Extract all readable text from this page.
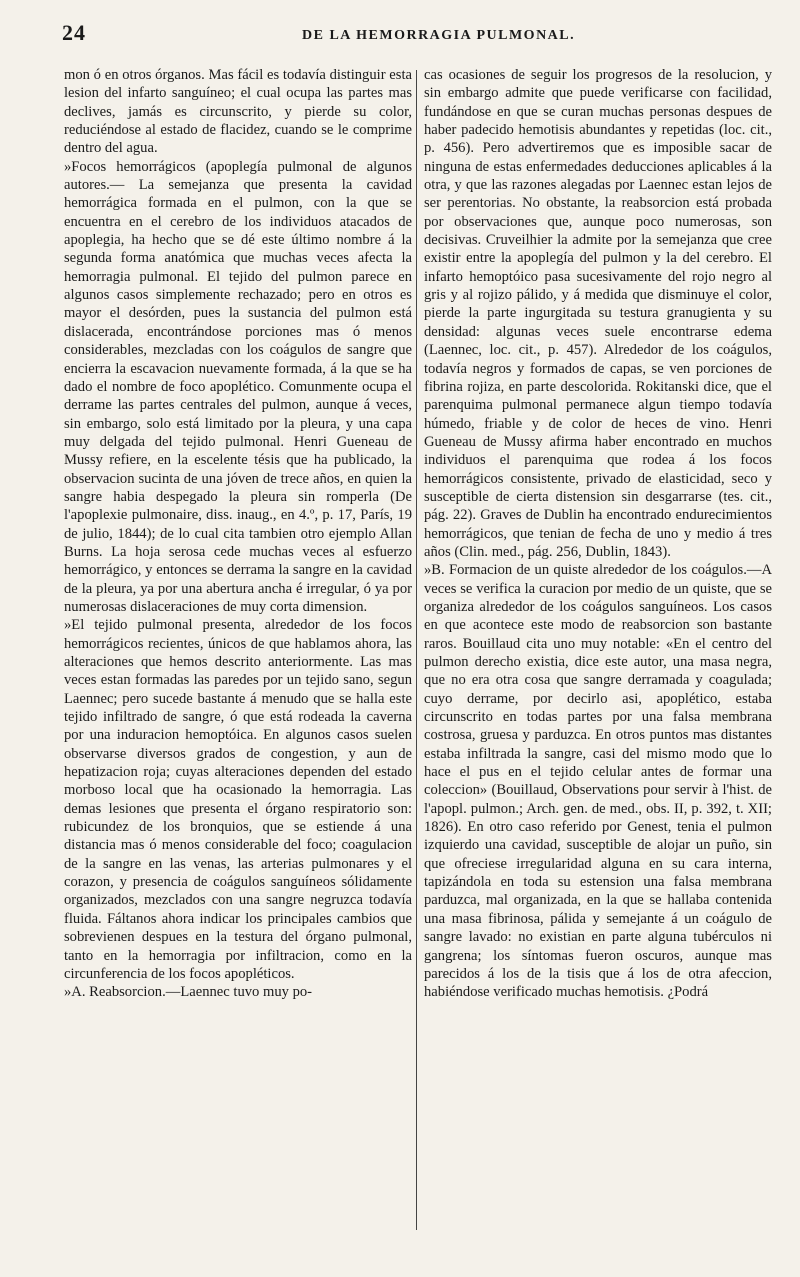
24	DE LA HEMORRAGIA PULMONAL.

mon ó en otros órganos. Mas fácil es todavía distinguir esta lesion del infarto sanguíneo; el cual ocupa las partes mas declives, jamás es circunscrito, y pierde su color, reduciéndose al estado de flacidez, cuando se le comprime dentro del agua.

»Focos hemorrágicos (apoplegía pulmonal de algunos autores.— La semejanza que presenta la cavidad hemorrágica formada en el pulmon, con la que se encuentra en el cerebro de los individuos atacados de apoplegia, ha hecho que se dé este último nombre á la segunda forma anatómica que muchas veces afecta la hemorragia pulmonal. El tejido del pulmon parece en algunos casos simplemente rechazado; pero en otros es mayor el desórden, pues la sustancia del pulmon está dislacerada, encontrándose porciones mas ó menos considerables, mezcladas con los coágulos de sangre que encierra la escavacion nuevamente formada, á la que se ha dado el nombre de foco apoplético. Comunmente ocupa el derrame las partes centrales del pulmon, aunque á veces, sin embargo, solo está limitado por la pleura, y una capa muy delgada del tejido pulmonal. Henri Gueneau de Mussy refiere, en la escelente tésis que ha publicado, la observacion sucinta de una jóven de trece años, en quien la sangre habia despegado la pleura sin romperla (De l'apoplexie pulmonaire, diss. inaug., en 4.º, p. 17, París, 19 de julio, 1844); de lo cual cita tambien otro ejemplo Allan Burns. La hoja serosa cede muchas veces al esfuerzo hemorrágico, y entonces se derrama la sangre en la cavidad de la pleura, ya por una abertura ancha é irregular, ó ya por numerosas dislaceraciones de muy corta dimension.

»El tejido pulmonal presenta, alrededor de los focos hemorrágicos recientes, únicos de que hablamos ahora, las alteraciones que hemos descrito anteriormente. Las mas veces estan formadas las paredes por un tejido sano, segun Laennec; pero sucede bastante á menudo que se halla este tejido infiltrado de sangre, ó que está rodeada la caverna por una induracion hemoptóica. En algunos casos suelen observarse diversos grados de congestion, y aun de hepatizacion roja; cuyas alteraciones dependen del estado morboso local que ha ocasionado la hemorragia. Las demas lesiones que presenta el órgano respiratorio son: rubicundez de los bronquios, que se estiende á una distancia mas ó menos considerable del foco; coagulacion de la sangre en las venas, las arterias pulmonares y el corazon, y presencia de coágulos sanguíneos sólidamente organizados, mezclados con una sangre negruzca todavía fluida. Fáltanos ahora indicar los principales cambios que sobrevienen despues en la testura del órgano pulmonal, tanto en la hemorragia por infiltracion, como en la circunferencia de los focos apopléticos.

»A. Reabsorcion.—Laennec tuvo muy po-

cas ocasiones de seguir los progresos de la resolucion, y sin embargo admite que puede verificarse con facilidad, fundándose en que se curan muchas personas despues de haber padecido hemotisis abundantes y repetidas (loc. cit., p. 456). Pero advertiremos que es imposible sacar de ninguna de estas enfermedades deducciones aplicables á la otra, y que las razones alegadas por Laennec estan lejos de ser perentorias. No obstante, la reabsorcion está probada por observaciones que, aunque poco numerosas, son decisivas. Cruveilhier la admite por la semejanza que cree existir entre la apoplegía del pulmon y la del cerebro. El infarto hemoptóico pasa sucesivamente del rojo negro al gris y al rojizo pálido, y á medida que disminuye el color, pierde la parte ingurgitada su testura granugienta y su densidad: algunas veces suele encontrarse edema (Laennec, loc. cit., p. 457). Alrededor de los coágulos, todavía negros y formados de capas, se ven porciones de fibrina rojiza, en parte descolorida. Rokitanski dice, que el parenquima pulmonal permanece algun tiempo todavía húmedo, friable y de color de heces de vino. Henri Gueneau de Mussy afirma haber encontrado en muchos individuos el parenquima que rodea á los focos hemorrágicos consistente, privado de elasticidad, seco y susceptible de cierta distension sin desgarrarse (tes. cit., pág. 22). Graves de Dublin ha encontrado endurecimientos hemorrágicos, que tenian de fecha de uno y medio á tres años (Clin. med., pág. 256, Dublin, 1843).

»B. Formacion de un quiste alrededor de los coágulos.—A veces se verifica la curacion por medio de un quiste, que se organiza alrededor de los coágulos sanguíneos. Los casos en que acontece este modo de reabsorcion son bastante raros. Bouillaud cita uno muy notable: «En el centro del pulmon derecho existia, dice este autor, una masa negra, que no era otra cosa que sangre derramada y coagulada; cuyo derrame, por decirlo asi, apoplético, estaba circunscrito en todas partes por una falsa membrana costrosa, gruesa y parduzca. En otros puntos mas distantes estaba infiltrada la sangre, casi del mismo modo que lo hace el pus en el tejido celular antes de formar una coleccion» (Bouillaud, Observations pour servir à l'hist. de l'apopl. pulmon.; Arch. gen. de med., obs. II, p. 392, t. XII; 1826). En otro caso referido por Genest, tenia el pulmon izquierdo una cavidad, susceptible de alojar un puño, sin que ofreciese irregularidad alguna en su cara interna, tapizándola en toda su estension una falsa membrana parduzca, mal organizada, en la que se hallaba contenida una masa fibrinosa, pálida y semejante á un coágulo de sangre lavado: no existian en parte alguna tubérculos ni gangrena; los síntomas fueron oscuros, aunque mas parecidos á los de la tisis que á los de otra afeccion, habiéndose verificado muchas hemotisis. ¿Podrá
